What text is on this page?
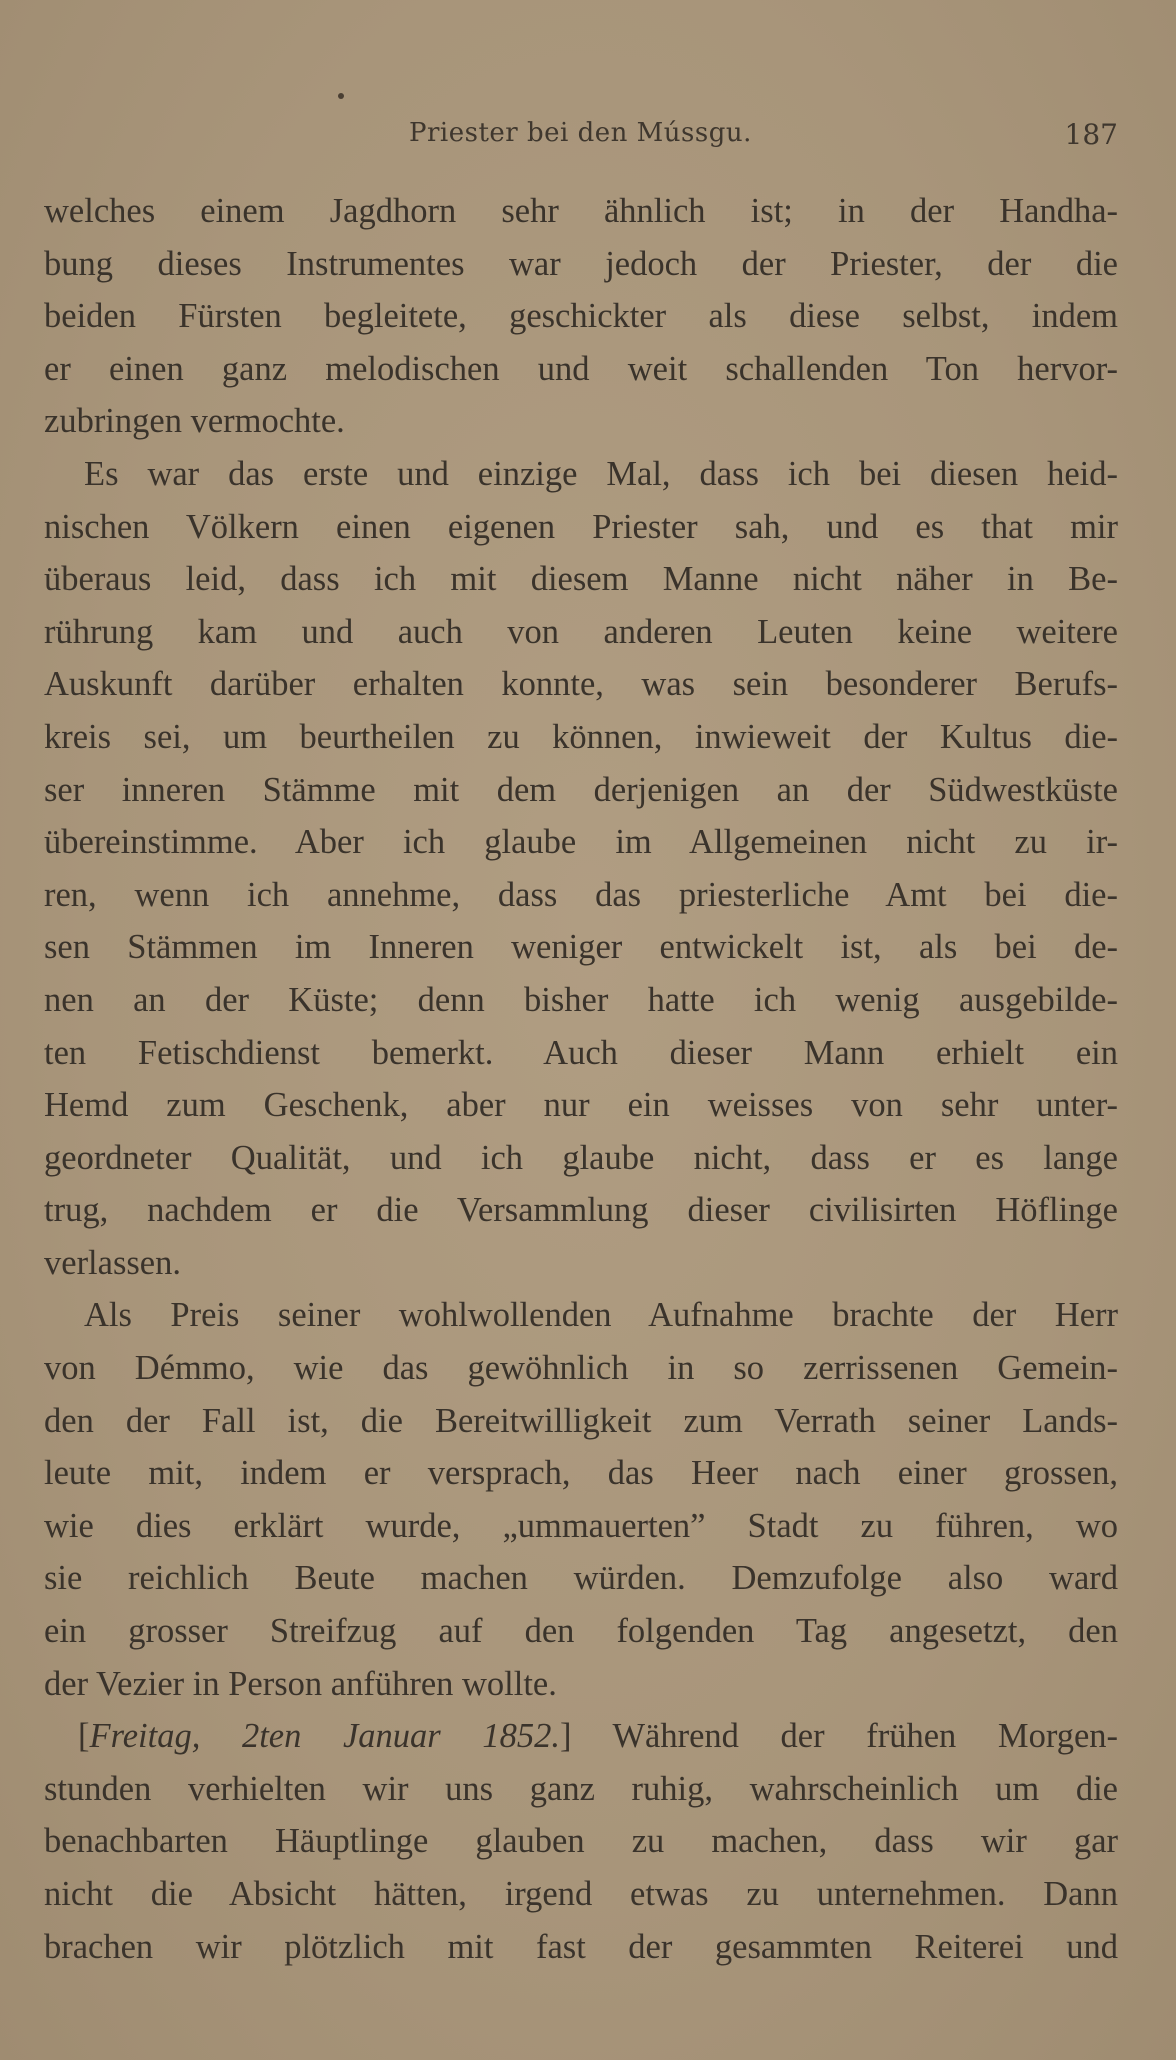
Priester bei den Mússgu.	187
welches einem Jagdhorn sehr ähnlich ist; in der Handha-
bung dieses Instrumentes war jedoch der Priester, der die
beiden Fürsten begleitete, geschickter als diese selbst, indem
er einen ganz melodischen und weit schallenden Ton hervor-
zubringen vermochte.
Es war das erste und einzige Mal, dass ich bei diesen heid-
nischen Völkern einen eigenen Priester sah, und es that mir
überaus leid, dass ich mit diesem Manne nicht näher in Be-
rührung kam und auch von anderen Leuten keine weitere
Auskunft darüber erhalten konnte, was sein besonderer Berufs-
kreis sei, um beurtheilen zu können, inwieweit der Kultus die-
ser inneren Stämme mit dem derjenigen an der Südwestküste
übereinstimme. Aber ich glaube im Allgemeinen nicht zu ir-
ren, wenn ich annehme, dass das priesterliche Amt bei die-
sen Stämmen im Inneren weniger entwickelt ist, als bei de-
nen an der Küste; denn bisher hatte ich wenig ausgebilde-
ten Fetischdienst bemerkt. Auch dieser Mann erhielt ein
Hemd zum Geschenk, aber nur ein weisses von sehr unter-
geordneter Qualität, und ich glaube nicht, dass er es lange
trug, nachdem er die Versammlung dieser civilisirten Höflinge
verlassen.
Als Preis seiner wohlwollenden Aufnahme brachte der Herr
von Démmo, wie das gewöhnlich in so zerrissenen Gemein-
den der Fall ist, die Bereitwilligkeit zum Verrath seiner Lands-
leute mit, indem er versprach, das Heer nach einer grossen,
wie dies erklärt wurde, „ummauerten” Stadt zu führen, wo
sie reichlich Beute machen würden. Demzufolge also ward
ein grosser Streifzug auf den folgenden Tag angesetzt, den
der Vezier in Person anführen wollte.
[Freitag, 2ten Januar 1852.] Während der frühen Morgen-
stunden verhielten wir uns ganz ruhig, wahrscheinlich um die
benachbarten Häuptlinge glauben zu machen, dass wir gar
nicht die Absicht hätten, irgend etwas zu unternehmen. Dann
brachen wir plötzlich mit fast der gesammten Reiterei und
